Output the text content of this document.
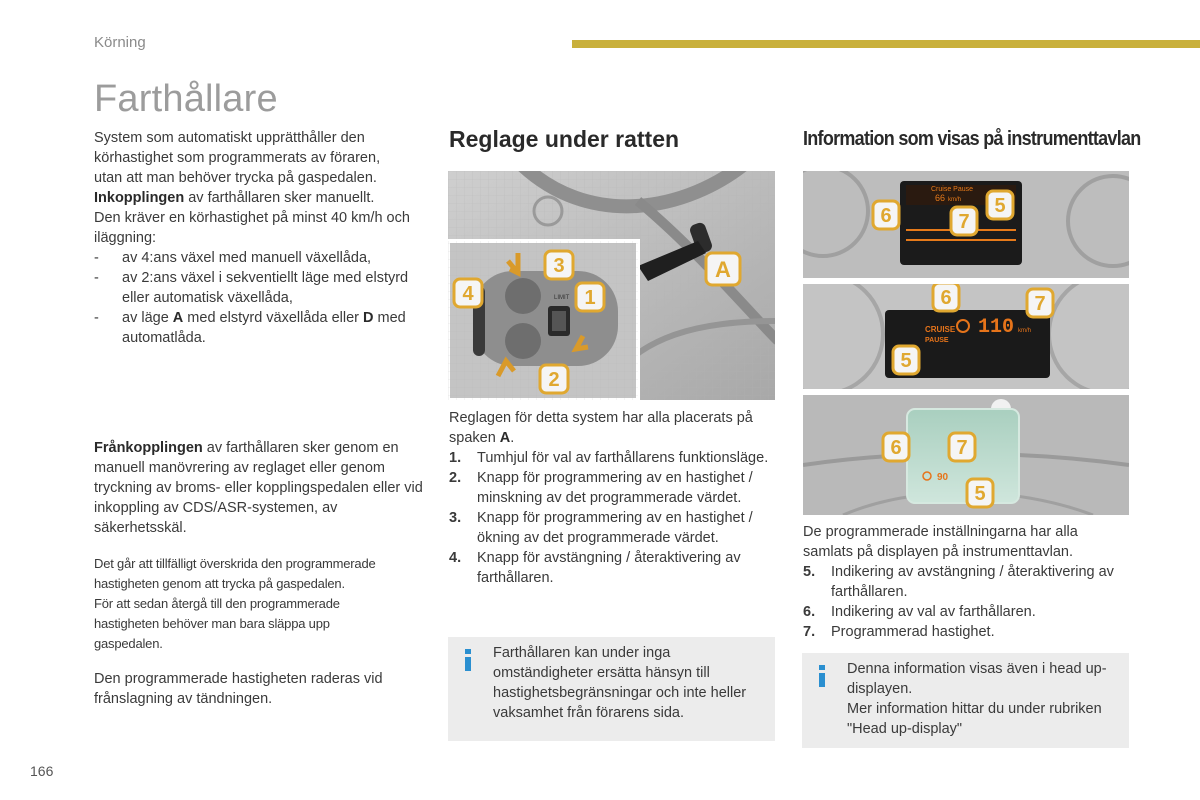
Körning
Farthållare

System som automatiskt upprätthåller den körhastighet som programmerats av föraren, utan att man behöver trycka på gaspedalen.

Inkopplingen av farthållaren sker manuellt.

Den kräver en körhastighet på minst 40 km/h och iläggning:

- av 4:ans växel med manuell växellåda,
- av 2:ans växel i sekventiellt läge med elstyrd eller automatisk växellåda,
- av läge A med elstyrd växellåda eller D med automatlåda.

Frånkopplingen av farthållaren sker genom en manuell manövrering av reglaget eller genom tryckning av broms- eller kopplingspedalen eller vid inkoppling av CDS/ASR-systemen, av säkerhetsskäl.

Det går att tillfälligt överskrida den programmerade
hastigheten genom att trycka på gaspedalen.
För att sedan återgå till den programmerade
hastigheten behöver man bara släppa upp
gaspedalen.

Den programmerade hastigheten raderas vid frånslagning av tändningen.

Reglage under ratten
LIMIT
3
4	1
2
A

Reglagen för detta system har alla placerats på spaken A.

1. Tumhjul för val av farthållarens funktionsläge.
2. Knapp för programmering av en hastighet / minskning av det programmerade värdet.
3. Knapp för programmering av en hastighet / ökning av det programmerade värdet.
4. Knapp för avstängning / återaktivering av farthållaren.
Farthållaren kan under inga omständigheter ersätta hänsyn till hastighetsbegränsningar och inte heller vaksamhet från förarens sida.
Information som visas på instrumenttavlan
Cruise Pause
66 km/h
6	7
5
CRUISE
PAUSE
110 km/h
6	7
5
90
6	7
5

De programmerade inställningarna har alla samlats på displayen på instrumenttavlan.

5. Indikering av avstängning / återaktivering av farthållaren.
6. Indikering av val av farthållaren.
7. Programmerad hastighet.
Denna information visas även i head up-displayen.
Mer information hittar du under rubriken "Head up-display"
166
